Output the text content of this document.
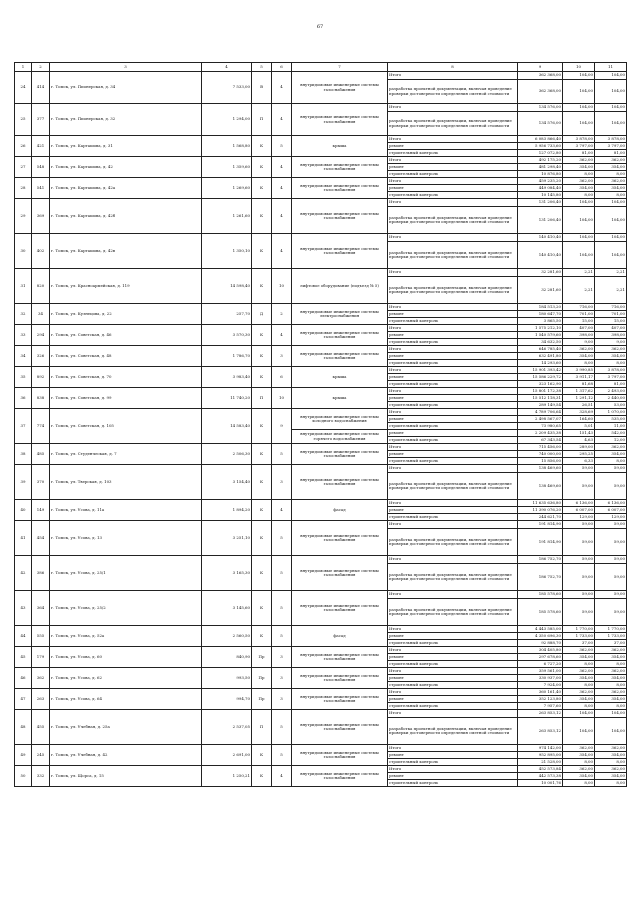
67
1	2	3	4	5	6	7	8	9	10	11
24	414	г. Томск, ул. Пионерская, д. 34	7 533,00	В	4	внутридомовые инженерные системы газоснабжения	Итого	362 368,00	104,00	104,00
							разработка проектной документации, включая проведение проверки достоверности определения сметной стоимости	362 368,00	104,00	104,00
25	377	г. Томск, ул. Пионерская, д. 32	1 294,00	П	4	внутридомовые инженерные системы газоснабжения	Итого	134 576,00	104,00	104,00
							разработка проектной документации, включая проведение проверки достоверности определения сметной стоимости	134 576,00	104,00	104,00
26	421	г. Томск, ул. Карташова, д. 31	1 568,80	К	5	крыша	Итого	6 083 866,40	3 878,00	3 878,00
							ремонт	5 956 733,60	3 797,00	3 797,00
							строительный контроль	127 072,80	81,00	81,00
27	548	г. Томск, ул. Карташова, д. 42	1 359,60	К	4	внутридомовые инженерные системы газоснабжения	Итого	492 175,20	362,00	362,00
							ремонт	481 298,40	354,00	354,00
							строительный контроль	10 876,80	8,00	8,00
28	541	г. Томск, ул. Карташова, д. 42а	1 269,60	К	4	внутридомовые инженерные системы газоснабжения	Итого	459 235,20	362,00	362,00
							ремонт	449 084,40	354,00	354,00
							строительный контроль	10 145,80	8,00	8,00
29	369	г. Томск, ул. Карташова, д. 42б	1 261,60	К	4	внутридомовые инженерные системы газоснабжения	Итого	131 206,40	104,00	104,00
							разработка проектной документации, включая проведение проверки достоверности определения сметной стоимости	131 206,40	104,00	104,00
30	402	г. Томск, ул. Карташова, д. 42в	1 350,10	К	4	внутридомовые инженерные системы газоснабжения	Итого	140 410,40	104,00	104,00
							разработка проектной документации, включая проведение проверки достоверности определения сметной стоимости	140 410,40	104,00	104,00
31	820	г. Томск, ул. Красноармейская, д. 119	14 598,40	К	10	лифтовое оборудование (подъезд № 5)	Итого	32 281,60	2,21	2,21
							разработка проектной документации, включая проведение проверки достоверности определения сметной стоимости	32 281,60	2,21	2,21
32	34	г. Томск, ул. Кузнецова, д. 22	257,70	Д	2	внутридомовые инженерные системы электроснабжения	Итого	184 513,20	716,00	716,00
							ремонт	180 647,70	701,00	701,00
							строительный контроль	3 865,50	15,00	15,00
33	294	г. Томск, ул. Советская, д. 46	3 570,30	К	4	внутридомовые инженерные системы газоснабжения	Итого	1 575 212,10	407,00	407,00
							ремонт	1 540 579,60	398,00	398,00
							строительный контроль	34 632,50	9,00	9,00
34	326	г. Томск, ул. Советская, д. 48	1 786,70	К	3	внутридомовые инженерные системы газоснабжения	Итого	646 785,40	362,00	362,00
							ремонт	632 491,80	354,00	354,00
							строительный контроль	14 293,60	8,00	8,00
35	892	г. Томск, ул. Советская, д. 70	3 983,40	К	6	крыша	Итого	15 901 393,42	3 990,85	3 878,00
							ремонт	15 586 229,72	3 911,17	3 797,00
							строительный контроль	323 162,90	81,68	81,00
36	838	г. Томск, ул. Советская, д. 99	11 740,20	П	10	крыша	Итого	15 801 172,38	1 317,62	2 493,00
							ремонт	15 512 118,31	1 291,12	2 440,00
							строительный контроль	289 149,54	26,51	53,00
37	774	г. Томск, ул. Советская, д. 105	14 583,40	К	9	внутридомовые инженерные системы холодного водоснабжения	Итого	4 789 706,64	328,69	1 070,00
							ремонт	2 498 567,07	164,60	535,00
							строительный контроль	73 980,65	5,01	11,00
						внутридомовые инженерные системы горячего водоснабжения	ремонт	2 209 435,38	151,43	542,00
							строительный контроль	67 343,54	4,63	12,00
38	485	г. Томск, ул. Студенческая, д. 7	2 506,30	К	5	внутридомовые инженерные системы газоснабжения	Итого	715 456,00	289,00	362,00
							ремонт	740 000,00	295,25	354,00
							строительный контроль	15 856,00	6,33	8,00
39	370	г. Томск, ул. Тверская, д. 103	3 154,40	К	3	внутридомовые инженерные системы газоснабжения	Итого	138 469,60	59,00	59,00
							разработка проектной документации, включая проведение проверки достоверности определения сметной стоимости	138 469,60	59,00	59,00
40	149	г. Томск, ул. Усова, д. 11а	1 894,20	К	4	фасад	Итого	11 635 636,80	6 136,00	6 136,00
							ремонт	11 390 076,20	6 007,00	6 007,00
							строительный контроль	244 621,70	129,00	129,00
41	454	г. Томск, ул. Усова, д. 13	3 251,10	К	5	внутридомовые инженерные системы газоснабжения	Итого	191 814,90	59,00	59,00
							разработка проектной документации, включая проведение проверки достоверности определения сметной стоимости	191 814,90	59,00	59,00
42	386	г. Томск, ул. Усова, д. 25/1	3 165,30	К	5	внутридомовые инженерные системы газоснабжения	Итого	186 752,70	59,00	59,00
							разработка проектной документации, включая проведение проверки достоверности определения сметной стоимости	186 752,70	59,00	59,00
43	364	г. Томск, ул. Усова, д. 25/2	3 145,60	К	5	внутридомовые инженерные системы газоснабжения	Итого	185 578,60	59,00	59,00
							разработка проектной документации, включая проведение проверки достоверности определения сметной стоимости	185 578,60	59,00	59,00
44	555	г. Томск, ул. Усова, д. 52а	2 560,50	К	5	фасад	Итого	4 443 585,00	1 770,00	1 770,00
							ремонт	4 350 696,30	1 733,00	1 733,00
							строительный контроль	92 888,70	37,00	37,00
45	179	г. Томск, ул. Усова, д. 60	840,90	Пр	3	внутридомовые инженерные системы газоснабжения	Итого	304 405,80	362,00	362,00
							ремонт	297 678,60	354,00	354,00
							строительный контроль	6 727,20	8,00	8,00
46	362	г. Томск, ул. Усова, д. 62	993,50	Пр	3	внутридомовые инженерные системы газоснабжения	Итого	359 561,00	362,00	362,00
							ремонт	330 937,00	354,00	354,00
							строительный контроль	7 924,00	8,00	8,00
47	263	г. Томск, ул. Усова, д. 64	994,70	Пр	3	внутридомовые инженерные системы газоснабжения	Итого	360 161,40	362,00	362,00
							ремонт	352 123,80	354,00	354,00
							строительный контроль	7 957,60	8,00	8,00
48	455	г. Томск, ул. Учебная, д. 25а	2 537,05	П	5	внутридомовые инженерные системы газоснабжения	Итого	263 853,12	104,00	104,00
							разработка проектной документации, включая проведение проверки достоверности определения сметной стоимости	263 853,12	104,00	104,00
49	245	г. Томск, ул. Учебная, д. 42	2 691,00	К	5	внутридомовые инженерные системы газоснабжения	Итого	974 142,00	362,00	362,00
							ремонт	952 895,00	354,00	354,00
							строительный контроль	21 528,00	8,00	8,00
50	332	г. Томск, ул. Щорса, д. 15	1 250,21	К	4	внутридомовые инженерные системы газоснабжения	Итого	452 573,84	362,00	362,00
							ремонт	442 573,38	354,00	354,00
							строительный контроль	10 001,76	8,00	8,00
